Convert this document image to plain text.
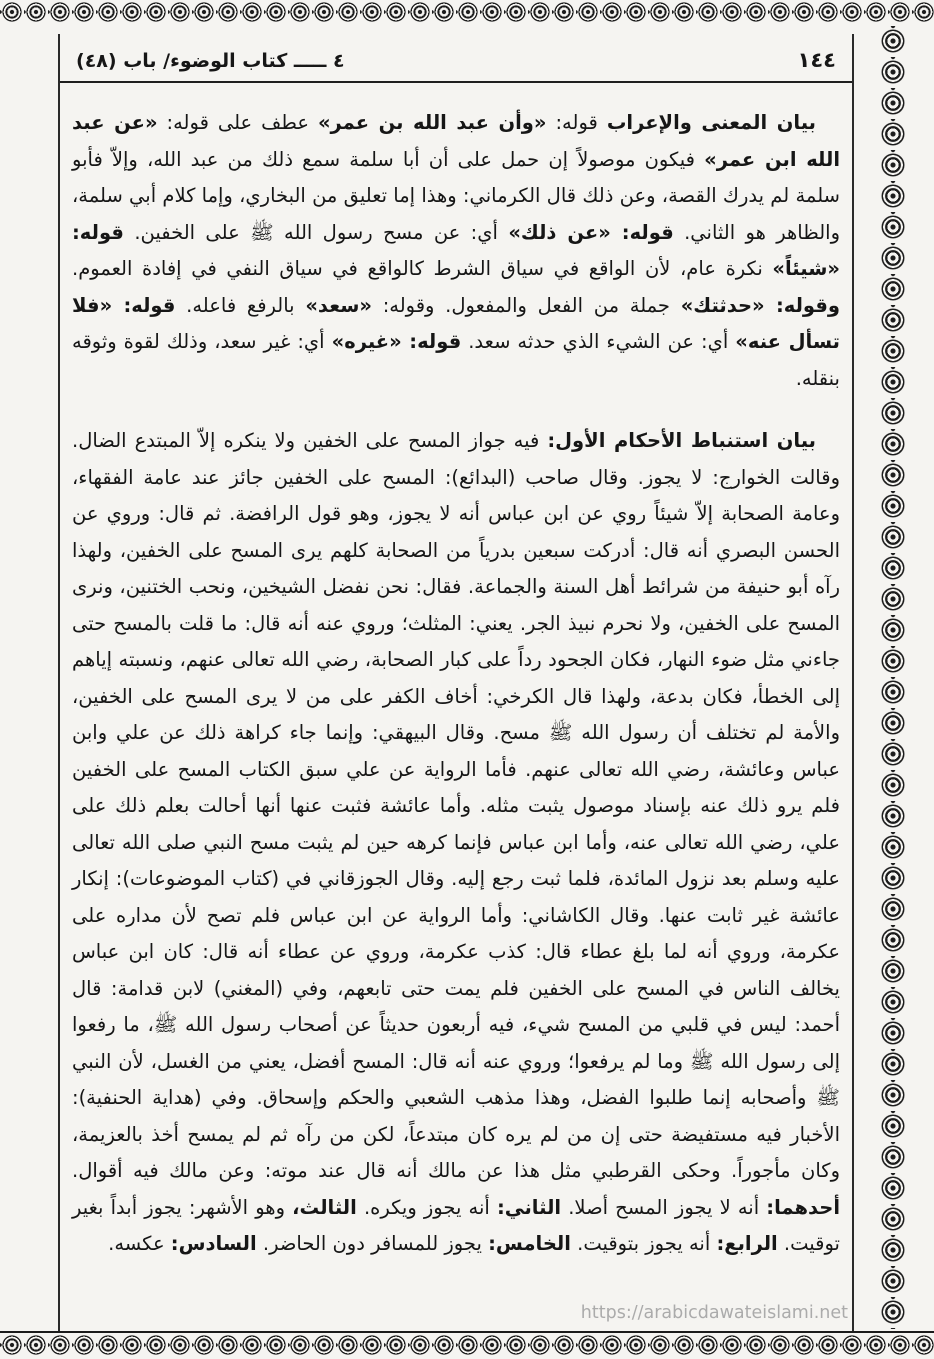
١٤٤
٤ ـــــ كتاب الوضوء/ باب (٤٨)

بيان المعنى والإعراب قوله: «وأن عبد الله بن عمر» عطف على قوله: «عن عبد الله ابن عمر» فيكون موصولاً إن حمل على أن أبا سلمة سمع ذلك من عبد الله، وإلاّ فأبو سلمة لم يدرك القصة، وعن ذلك قال الكرماني: وهذا إما تعليق من البخاري، وإما كلام أبي سلمة، والظاهر هو الثاني. قوله: «عن ذلك» أي: عن مسح رسول الله ﷺ على الخفين. قوله: «شيئاً» نكرة عام، لأن الواقع في سياق الشرط كالواقع في سياق النفي في إفادة العموم. وقوله: «حدثتك» جملة من الفعل والمفعول. وقوله: «سعد» بالرفع فاعله. قوله: «فلا تسأل عنه» أي: عن الشيء الذي حدثه سعد. قوله: «غيره» أي: غير سعد، وذلك لقوة وثوقه بنقله.

بيان استنباط الأحكام الأول: فيه جواز المسح على الخفين ولا ينكره إلاّ المبتدع الضال. وقالت الخوارج: لا يجوز. وقال صاحب (البدائع): المسح على الخفين جائز عند عامة الفقهاء، وعامة الصحابة إلاّ شيئاً روي عن ابن عباس أنه لا يجوز، وهو قول الرافضة. ثم قال: وروي عن الحسن البصري أنه قال: أدركت سبعين بدرياً من الصحابة كلهم يرى المسح على الخفين، ولهذا رآه أبو حنيفة من شرائط أهل السنة والجماعة. فقال: نحن نفضل الشيخين، ونحب الختنين، ونرى المسح على الخفين، ولا نحرم نبيذ الجر. يعني: المثلث؛ وروي عنه أنه قال: ما قلت بالمسح حتى جاءني مثل ضوء النهار، فكان الجحود رداً على كبار الصحابة، رضي الله تعالى عنهم، ونسبته إياهم إلى الخطأ، فكان بدعة، ولهذا قال الكرخي: أخاف الكفر على من لا يرى المسح على الخفين، والأمة لم تختلف أن رسول الله ﷺ مسح. وقال البيهقي: وإنما جاء كراهة ذلك عن علي وابن عباس وعائشة، رضي الله تعالى عنهم. فأما الرواية عن علي سبق الكتاب المسح على الخفين فلم يرو ذلك عنه بإسناد موصول يثبت مثله. وأما عائشة فثبت عنها أنها أحالت بعلم ذلك على علي، رضي الله تعالى عنه، وأما ابن عباس فإنما كرهه حين لم يثبت مسح النبي صلى الله تعالى عليه وسلم بعد نزول المائدة، فلما ثبت رجع إليه. وقال الجوزقاني في (كتاب الموضوعات): إنكار عائشة غير ثابت عنها. وقال الكاشاني: وأما الرواية عن ابن عباس فلم تصح لأن مداره على عكرمة، وروي أنه لما بلغ عطاء قال: كذب عكرمة، وروي عن عطاء أنه قال: كان ابن عباس يخالف الناس في المسح على الخفين فلم يمت حتى تابعهم، وفي (المغني) لابن قدامة: قال أحمد: ليس في قلبي من المسح شيء، فيه أربعون حديثاً عن أصحاب رسول الله ﷺ، ما رفعوا إلى رسول الله ﷺ وما لم يرفعوا؛ وروي عنه أنه قال: المسح أفضل، يعني من الغسل، لأن النبي ﷺ وأصحابه إنما طلبوا الفضل، وهذا مذهب الشعبي والحكم وإسحاق. وفي (هداية الحنفية): الأخبار فيه مستفيضة حتى إن من لم يره كان مبتدعاً، لكن من رآه ثم لم يمسح أخذ بالعزيمة، وكان مأجوراً. وحكى القرطبي مثل هذا عن مالك أنه قال عند موته: وعن مالك فيه أقوال. أحدهما: أنه لا يجوز المسح أصلا. الثاني: أنه يجوز ويكره. الثالث، وهو الأشهر: يجوز أبداً بغير توقيت. الرابع: أنه يجوز بتوقيت. الخامس: يجوز للمسافر دون الحاضر. السادس: عكسه.

https://arabicdawateislami.net
